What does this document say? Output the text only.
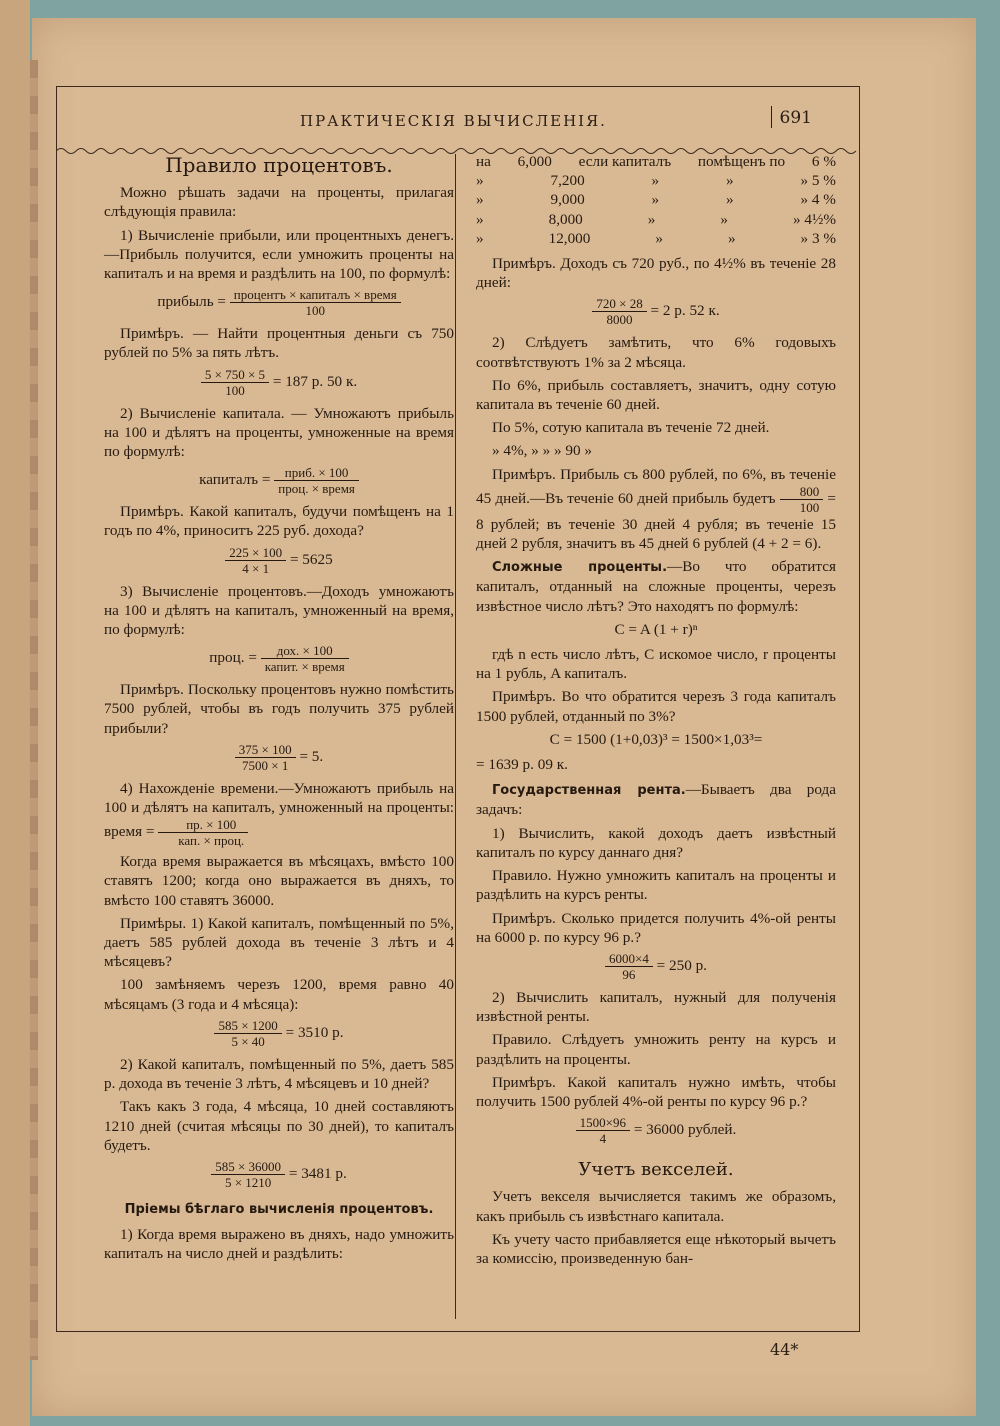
ПРАКТИЧЕСКІЯ ВЫЧИСЛЕНІЯ.	691
Правило процентовъ.

Можно рѣшать задачи на проценты, прилагая слѣдующія правила:

1) Вычисленіе прибыли, или процентныхъ денегъ.—Прибыль получится, если умножить проценты на капиталъ и на время и раздѣлить на 100, по формулѣ:

прибыль = процентъ × капиталъ × время
100

Примѣръ. — Найти процентныя деньги съ 750 рублей по 5% за пять лѣтъ.

$\frac{5 \times 750 \times 5}{100} = 187$ р. 50 к.

2) Вычисленіе капитала. — Умножаютъ прибыль на 100 и дѣлятъ на проценты, умноженные на время по формулѣ:

капиталъ =	приб. × 100
проц. × время

Примѣръ. Какой капиталъ, будучи помѣщенъ на 1 годъ по 4%, приноситъ 225 руб. дохода?

$\frac{225 \times 100}{4 \times 1} = 5625$

3) Вычисленіе процентовъ.—Доходъ умножаютъ на 100 и дѣлятъ на капиталъ, умноженный на время, по формулѣ:

проц. =	дох. × 100
капит. × время

Примѣръ. Поскольку процентовъ нужно помѣстить 7500 рублей, чтобы въ годъ получить 375 рублей прибыли?

$\frac{375 \times 100}{7500 \times 1} = 5$.

4) Нахожденіе времени.—Умножаютъ прибыль на 100 и дѣлятъ на капиталъ, умноженный на проценты: время =	пр. × 100
кап. × проц.

Когда время выражается въ мѣсяцахъ, вмѣсто 100 ставятъ 1200; когда оно выражается въ дняхъ, то вмѣсто 100 ставятъ 36000.

Примѣры. 1) Какой капиталъ, помѣщенный по 5%, даетъ 585 рублей дохода въ теченіе 3 лѣтъ и 4 мѣсяцевъ?

100 замѣняемъ черезъ 1200, время равно 40 мѣсяцамъ (3 года и 4 мѣсяца):

$\frac{585 \times 1200}{5 \times 40} = 3510$ р.

2) Какой капиталъ, помѣщенный по 5%, даетъ 585 р. дохода въ теченіе 3 лѣтъ, 4 мѣсяцевъ и 10 дней?

Такъ какъ 3 года, 4 мѣсяца, 10 дней составляютъ 1210 дней (считая мѣсяцы по 30 дней), то капиталъ будетъ.

$\frac{585 \times 36000}{5 \times 1210} = 3481$ р.
Пріемы бѣглаго вычисленія процентовъ.

1) Когда время выражено въ дняхъ, надо умножить капиталъ на число дней и раздѣлить:

на 6,000 если капиталъ помѣщенъ по 6 %
»	7,200	»	»	» 5 %
»	9,000	»	»	» 4 %
»	8,000	»	»	» 4½%
»	12,000	»	»	» 3 %

Примѣръ. Доходъ съ 720 руб., по 4½% въ теченіе 28 дней:

$\frac{720 \times 28}{8000} = 2$ р. 52 к.

2) Слѣдуетъ замѣтить, что 6% годовыхъ соотвѣтствуютъ 1% за 2 мѣсяца.

По 6%, прибыль составляетъ, значитъ, одну сотую капитала въ теченіе 60 дней.

По 5%, сотую капитала въ теченіе 72 дней.

» 4%, » » » 90 »

Примѣръ. Прибыль съ 800 рублей, по 6%, въ теченіе 45 дней.—Въ теченіе 60 дней прибыль будетъ $\frac{800}{100} = 8$ рублей; въ теченіе 30 дней 4 рубля; въ теченіе 15 дней 2 рубля, значитъ въ 45 дней 6 рублей (4 + 2 = 6).

Сложные проценты.—Во что обратится капиталъ, отданный на сложные проценты, черезъ извѣстное число лѣтъ? Это находятъ по формулѣ:

C = A (1 + r)ⁿ

гдѣ n есть число лѣтъ, C искомое число, r проценты на 1 рубль, A капиталъ.

Примѣръ. Во что обратится черезъ 3 года капиталъ 1500 рублей, отданный по 3%?

C = 1500 (1+0,03)³ = 1500×1,03³=
= 1639 р. 09 к.

Государственная рента.—Бываетъ два рода задачъ:

1) Вычислить, какой доходъ даетъ извѣстный капиталъ по курсу даннаго дня?

Правило. Нужно умножить капиталъ на проценты и раздѣлить на курсъ ренты.

Примѣръ. Сколько придется получить 4%-ой ренты на 6000 р. по курсу 96 р.?

$\frac{6000\times 4}{96} = 250$ р.

2) Вычислить капиталъ, нужный для полученія извѣстной ренты.

Правило. Слѣдуетъ умножить ренту на курсъ и раздѣлить на проценты.

Примѣръ. Какой капиталъ нужно имѣть, чтобы получить 1500 рублей 4%-ой ренты по курсу 96 р.?

$\frac{1500\times 96}{4} = 36000$ рублей.
Учетъ векселей.

Учетъ векселя вычисляется такимъ же образомъ, какъ прибыль съ извѣстнаго капитала.

Къ учету часто прибавляется еще нѣкоторый вычетъ за комиссію, произведенную бан-

44*
